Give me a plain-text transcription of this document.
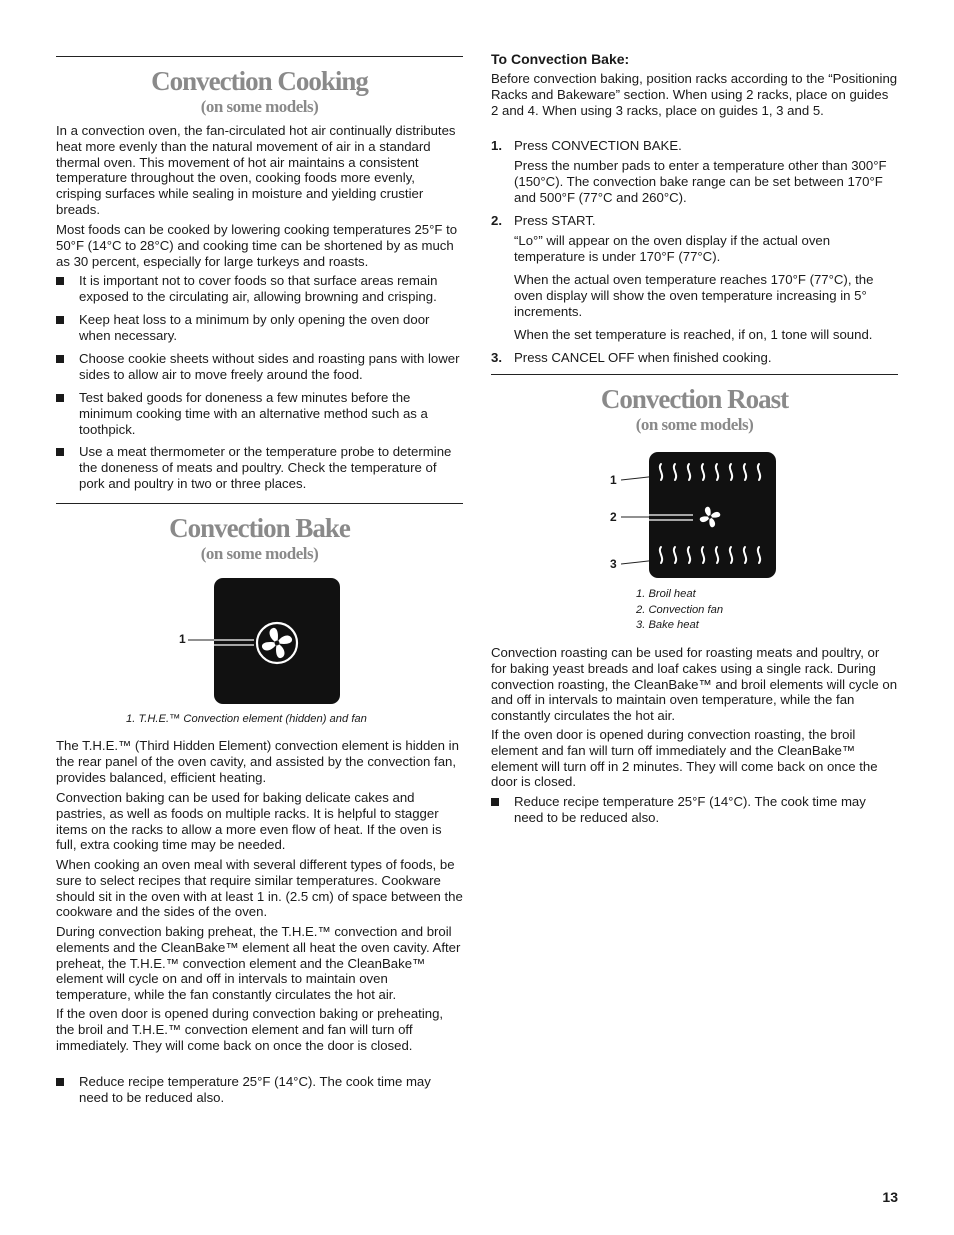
Convection Cooking
(on some models)

In a convection oven, the fan-circulated hot air continually distributes heat more evenly than the natural movement of air in a standard thermal oven. This movement of hot air maintains a consistent temperature throughout the oven, cooking foods more evenly, crisping surfaces while sealing in moisture and yielding crustier breads.

Most foods can be cooked by lowering cooking temperatures 25°F to 50°F (14°C to 28°C) and cooking time can be shortened by as much as 30 percent, especially for large turkeys and roasts.

It is important not to cover foods so that surface areas remain exposed to the circulating air, allowing browning and crisping.
Keep heat loss to a minimum by only opening the oven door when necessary.
Choose cookie sheets without sides and roasting pans with lower sides to allow air to move freely around the food.
Test baked goods for doneness a few minutes before the minimum cooking time with an alternative method such as a toothpick.
Use a meat thermometer or the temperature probe to determine the doneness of meats and poultry. Check the temperature of pork and poultry in two or three places.
Convection Bake
(on some models)
1
1. T.H.E.™ Convection element (hidden) and fan

The T.H.E.™ (Third Hidden Element) convection element is hidden in the rear panel of the oven cavity, and assisted by the convection fan, provides balanced, efficient heating.

Convection baking can be used for baking delicate cakes and pastries, as well as foods on multiple racks. It is helpful to stagger items on the racks to allow a more even flow of heat. If the oven is full, extra cooking time may be needed.

When cooking an oven meal with several different types of foods, be sure to select recipes that require similar temperatures. Cookware should sit in the oven with at least 1 in. (2.5 cm) of space between the cookware and the sides of the oven.

During convection baking preheat, the T.H.E.™ convection and broil elements and the CleanBake™ element all heat the oven cavity. After preheat, the T.H.E.™ convection element and the CleanBake™ element will cycle on and off in intervals to maintain oven temperature, while the fan constantly circulates the hot air.

If the oven door is opened during convection baking or preheating, the broil and T.H.E.™ convection element and fan will turn off immediately. They will come back on once the door is closed.

Reduce recipe temperature 25°F (14°C). The cook time may need to be reduced also.
To Convection Bake:

Before convection baking, position racks according to the “Positioning Racks and Bakeware” section. When using 2 racks, place on guides 2 and 4. When using 3 racks, place on guides 1, 3 and 5.

1. Press CONVECTION BAKE.

Press the number pads to enter a temperature other than 300°F (150°C). The convection bake range can be set between 170°F and 500°F (77°C and 260°C).

2. Press START.

“Lo°” will appear on the oven display if the actual oven temperature is under 170°F (77°C).

When the actual oven temperature reaches 170°F (77°C), the oven display will show the oven temperature increasing in 5° increments.

When the set temperature is reached, if on, 1 tone will sound.

3. Press CANCEL OFF when finished cooking.
Convection Roast
(on some models)
1
2
3
1. Broil heat
2. Convection fan
3. Bake heat

Convection roasting can be used for roasting meats and poultry, or for baking yeast breads and loaf cakes using a single rack. During convection roasting, the CleanBake™ and broil elements will cycle on and off in intervals to maintain oven temperature, while the fan constantly circulates the hot air.

If the oven door is opened during convection roasting, the broil element and fan will turn off immediately and the CleanBake™ element will turn off in 2 minutes. They will come back on once the door is closed.

Reduce recipe temperature 25°F (14°C). The cook time may need to be reduced also.
13
